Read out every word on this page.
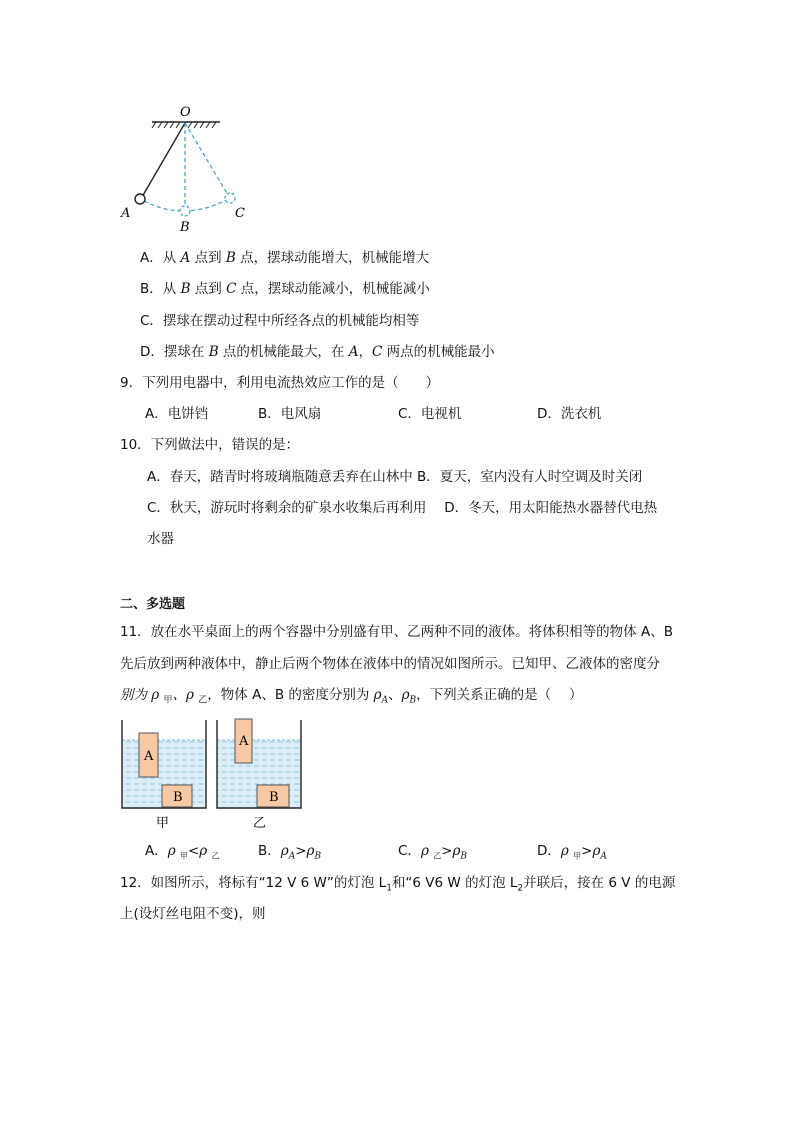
O
A
B
C
A．从 A 点到 B 点，摆球动能增大，机械能增大
B．从 B 点到 C 点，摆球动能减小，机械能减小
C．摆球在摆动过程中所经各点的机械能均相等
D．摆球在 B 点的机械能最大，在 A，C 两点的机械能最小
9．下列用电器中，利用电流热效应工作的是（　　）
A．电饼铛	B．电风扇	C．电视机	D．洗衣机
10．下列做法中，错误的是：
A．春天，踏青时将玻璃瓶随意丢弃在山林中 B．夏天，室内没有人时空调及时关闭
C．秋天，游玩时将剩余的矿泉水收集后再利用　 D．冬天，用太阳能热水器替代电热
水器
二、多选题
11．放在水平桌面上的两个容器中分别盛有甲、乙两种不同的液体。将体积相等的物体 A、B
先后放到两种液体中，静止后两个物体在液体中的情况如图所示。已知甲、乙液体的密度分
别为 ρ $_甲$、ρ $_乙$，物体 A、B 的密度分别为 $\rho_A$、$\rho_B$，下列关系正确的是（　 ）
A
B
甲
A
B
乙
A．ρ $_甲$<ρ $_乙$	B．$\rho_A>\rho_B$	C．ρ $_乙>\rho_B$	D．ρ $_甲>\rho_A$
12．如图所示，将标有“12 V 6 W”的灯泡 $L_1$和“6 V6 W 的灯泡 $L_2$并联后，接在 6 V 的电源
上(设灯丝电阻不变)，则
